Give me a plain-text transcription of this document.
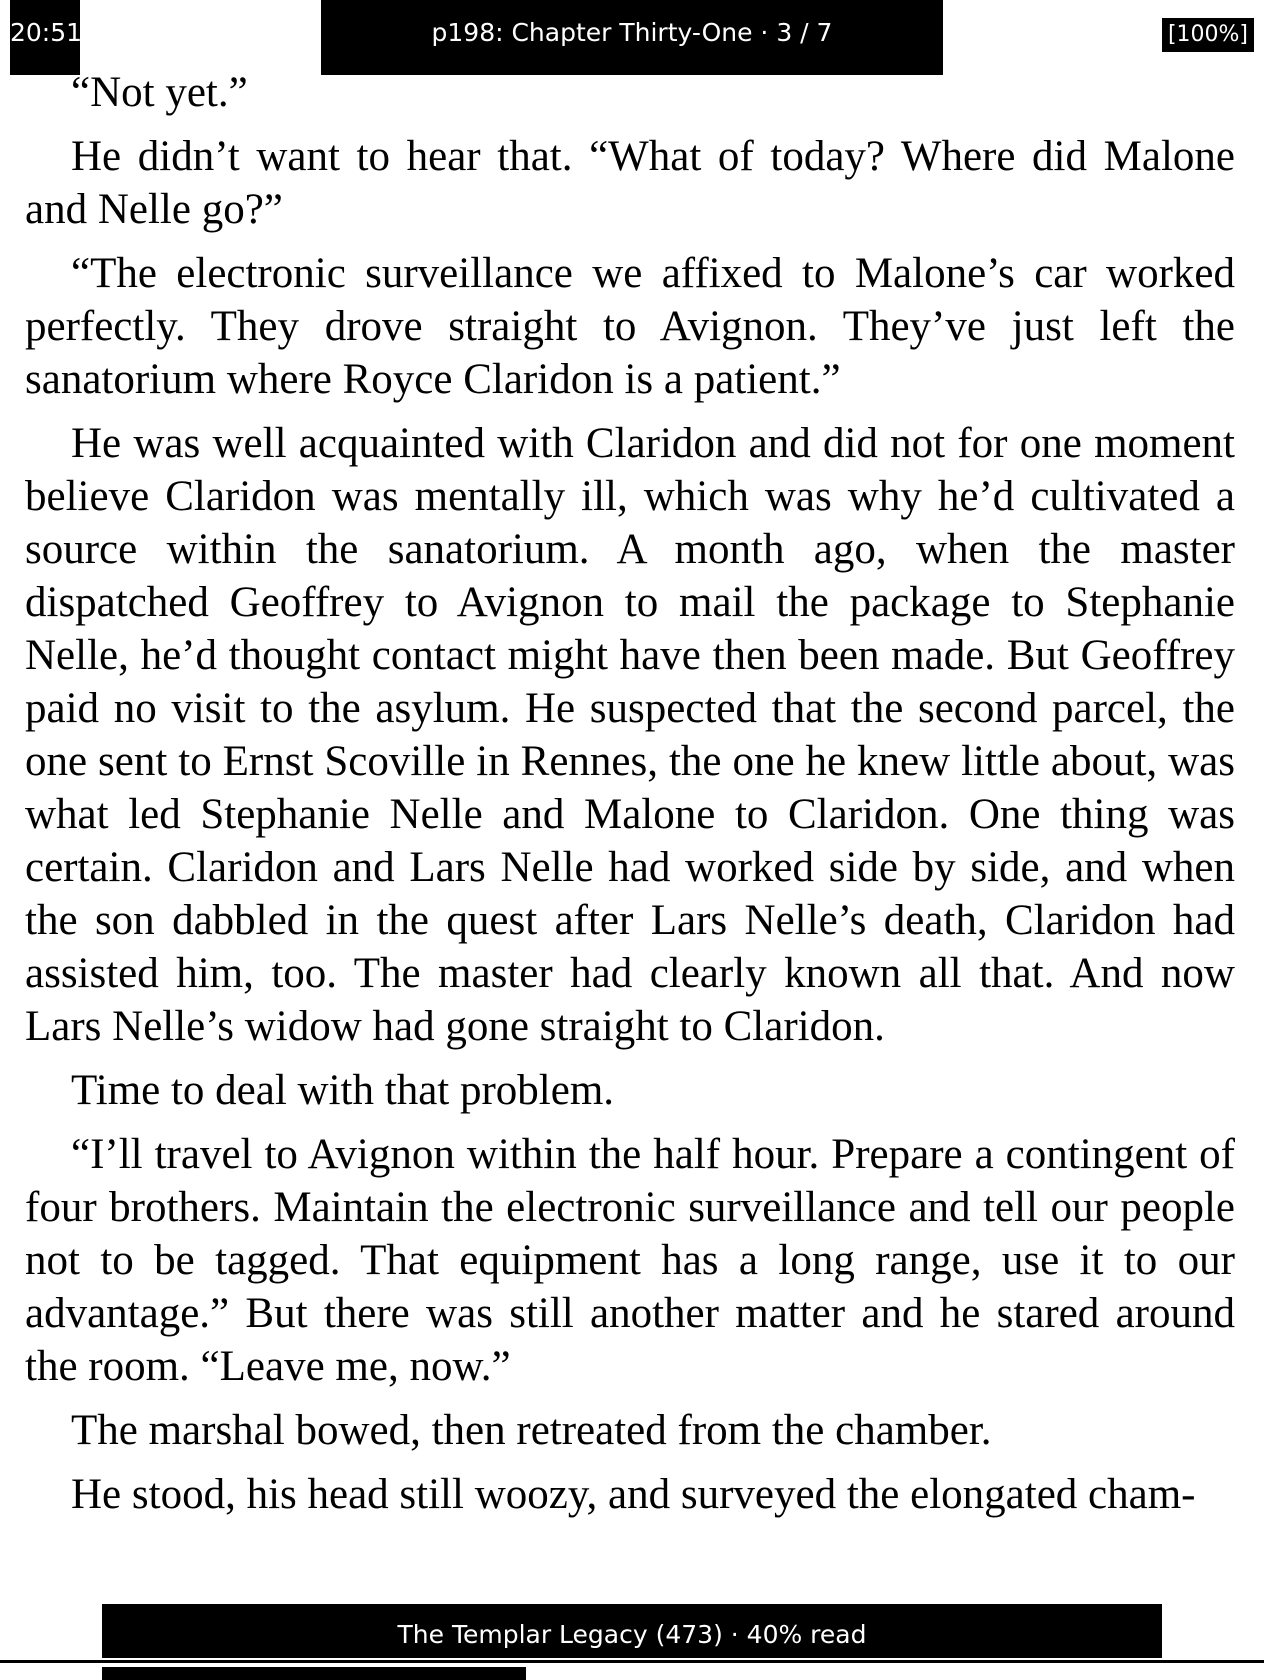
20:51	p198: Chapter Thirty-One · 3 / 7	[100%]

“Not yet.”

He didn’t want to hear that. “What of today? Where did Malone and Nelle go?”

“The electronic surveillance we affixed to Malone’s car worked perfectly. They drove straight to Avignon. They’ve just left the sanatorium where Royce Claridon is a patient.”

He was well acquainted with Claridon and did not for one moment believe Claridon was mentally ill, which was why he’d cultivated a source within the sanatorium. A month ago, when the master dispatched Geoffrey to Avignon to mail the package to Stephanie Nelle, he’d thought contact might have then been made. But Geoffrey paid no visit to the asylum. He suspected that the second parcel, the one sent to Ernst Scoville in Rennes, the one he knew little about, was what led Stephanie Nelle and Malone to Claridon. One thing was certain. Claridon and Lars Nelle had worked side by side, and when the son dabbled in the quest after Lars Nelle’s death, Claridon had assisted him, too. The master had clearly known all that. And now Lars Nelle’s widow had gone straight to Claridon.

Time to deal with that problem.

“I’ll travel to Avignon within the half hour. Prepare a contingent of four brothers. Maintain the electronic surveillance and tell our people not to be tagged. That equipment has a long range, use it to our advantage.” But there was still another matter and he stared around the room. “Leave me, now.”

The marshal bowed, then retreated from the chamber.

He stood, his head still woozy, and surveyed the elongated cham-

The Templar Legacy (473) · 40% read
